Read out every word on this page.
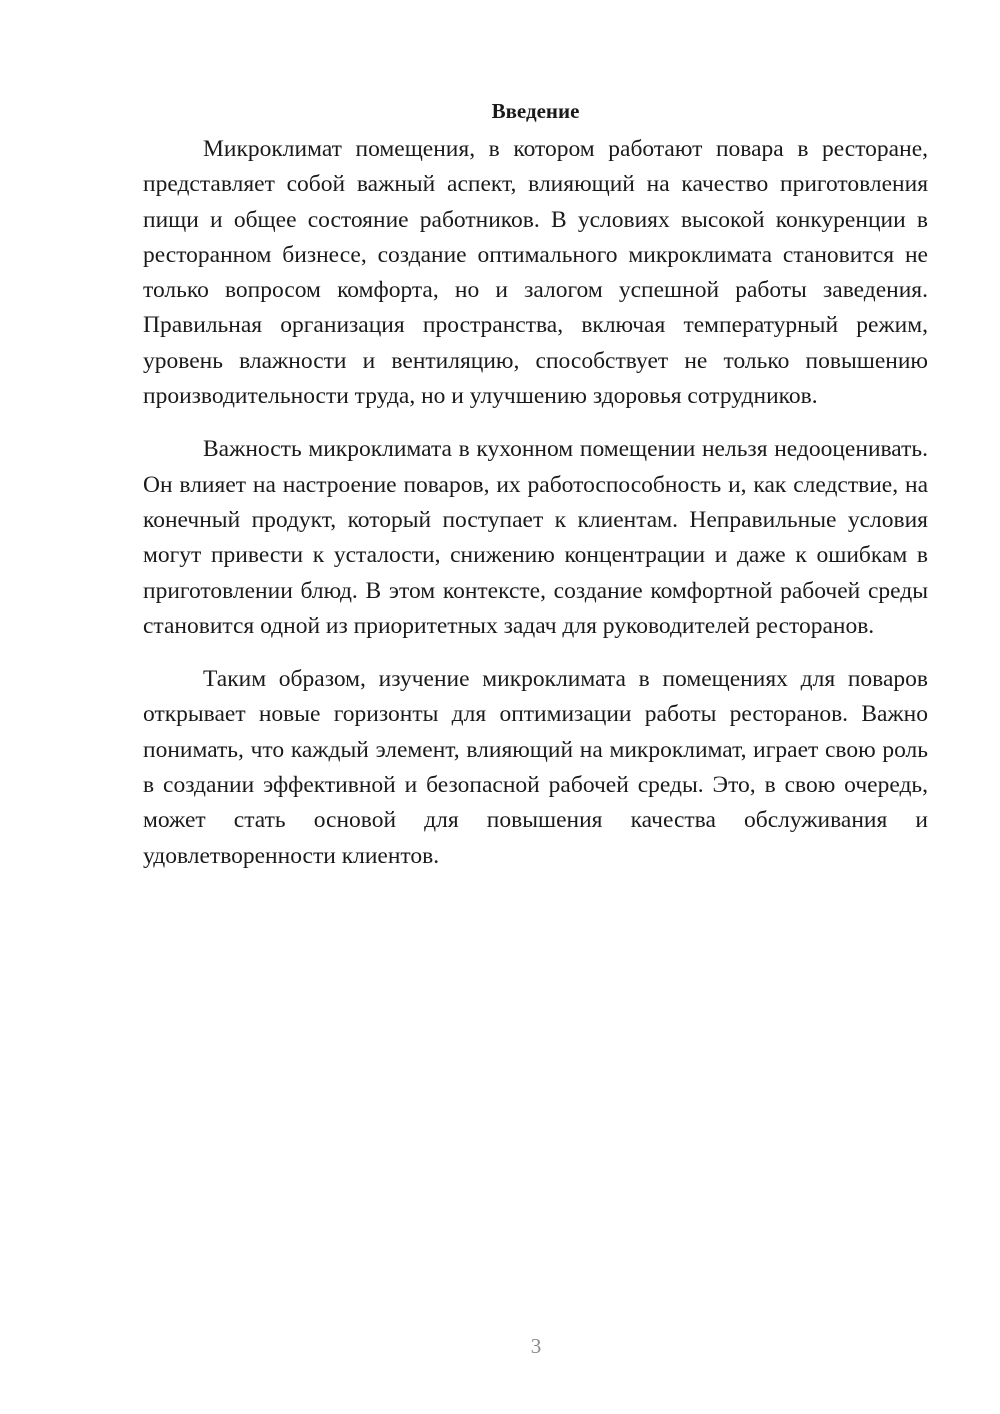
Введение

Микроклимат помещения, в котором работают повара в ресторане, представляет собой важный аспект, влияющий на качество приготовления пищи и общее состояние работников. В условиях высокой конкуренции в ресторанном бизнесе, создание оптимального микроклимата становится не только вопросом комфорта, но и залогом успешной работы заведения. Правильная организация пространства, включая температурный режим, уровень влажности и вентиляцию, способствует не только повышению производительности труда, но и улучшению здоровья сотрудников.

Важность микроклимата в кухонном помещении нельзя недооценивать. Он влияет на настроение поваров, их работоспособность и, как следствие, на конечный продукт, который поступает к клиентам. Неправильные условия могут привести к усталости, снижению концентрации и даже к ошибкам в приготовлении блюд. В этом контексте, создание комфортной рабочей среды становится одной из приоритетных задач для руководителей ресторанов.

Таким образом, изучение микроклимата в помещениях для поваров открывает новые горизонты для оптимизации работы ресторанов. Важно понимать, что каждый элемент, влияющий на микроклимат, играет свою роль в создании эффективной и безопасной рабочей среды. Это, в свою очередь, может стать основой для повышения качества обслуживания и удовлетворенности клиентов.

3
